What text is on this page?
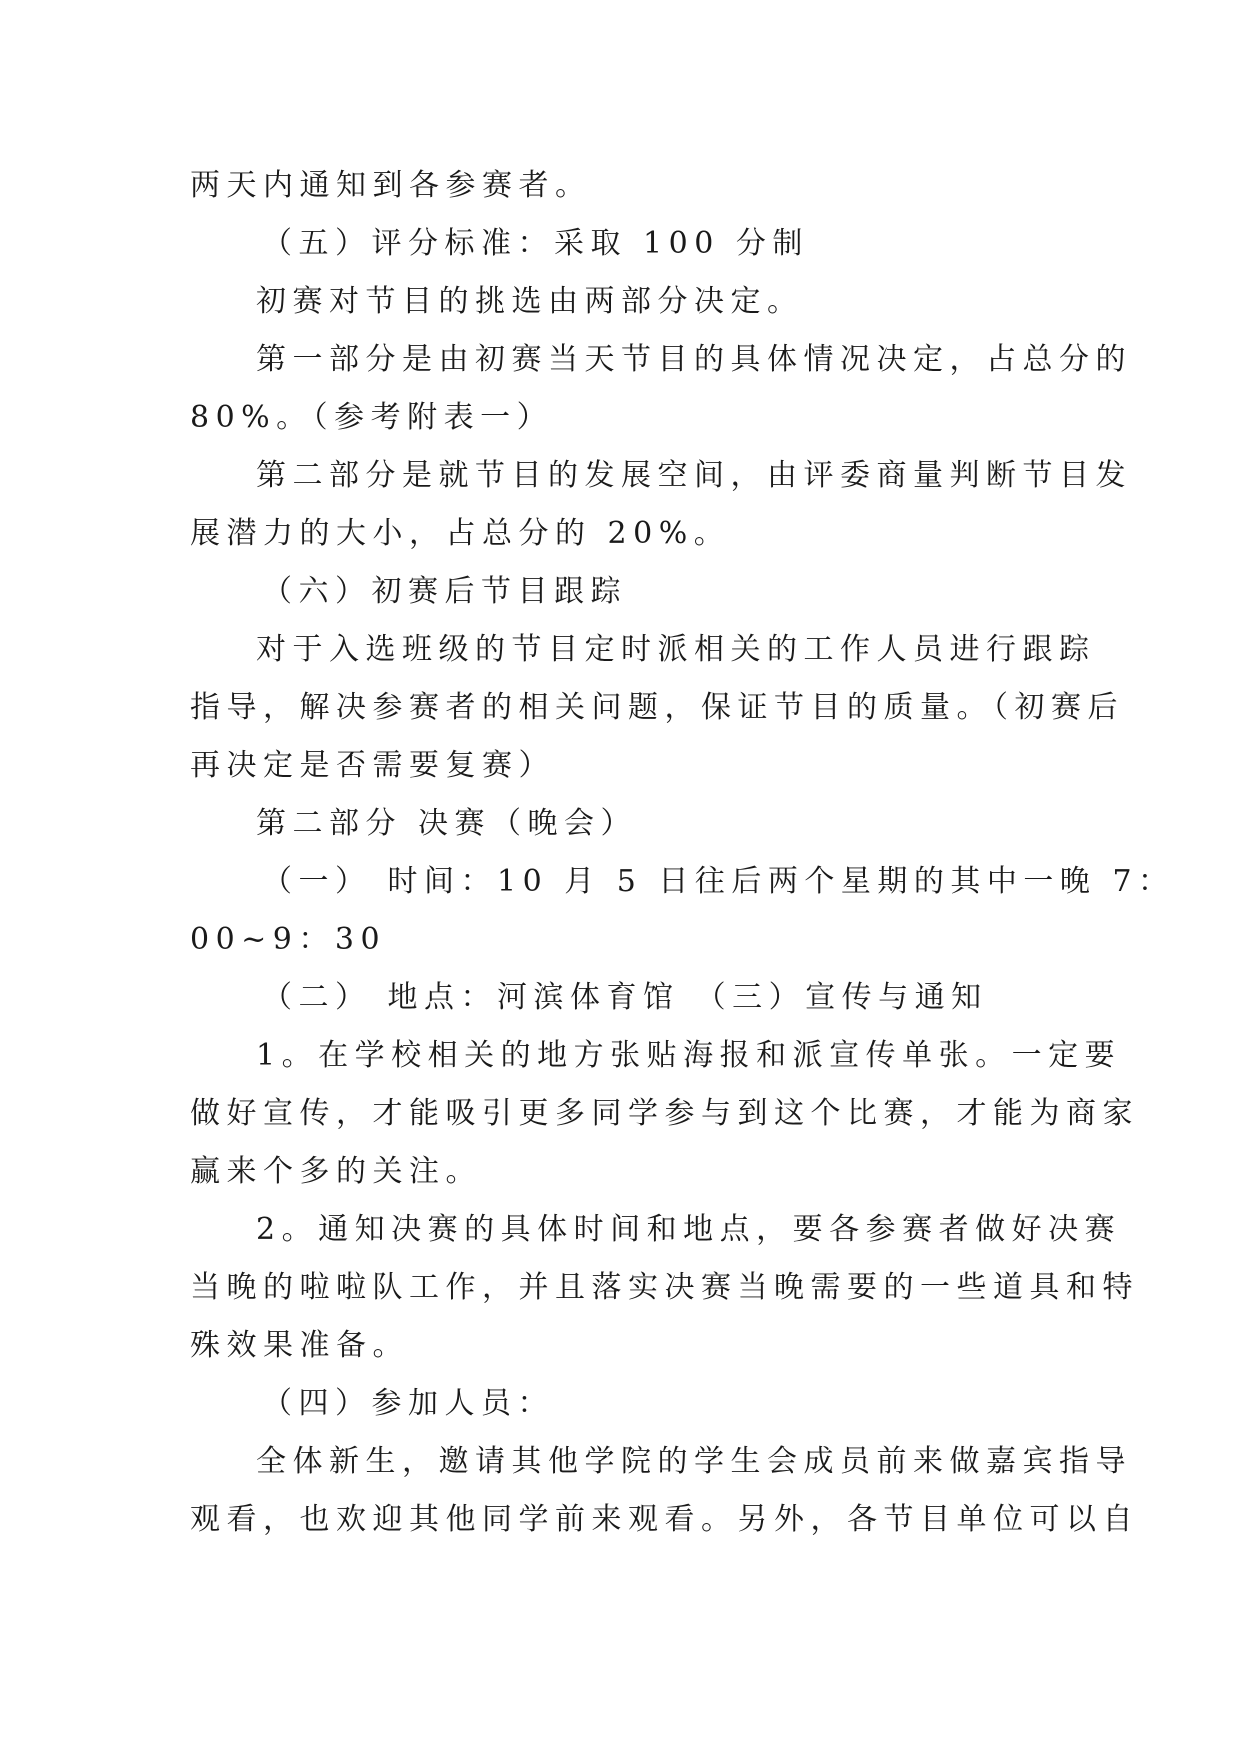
两天内通知到各参赛者。
（五）评分标准：采取 100 分制
初赛对节目的挑选由两部分决定。
第一部分是由初赛当天节目的具体情况决定，占总分的
80%。（参考附表一）
第二部分是就节目的发展空间，由评委商量判断节目发
展潜力的大小，占总分的 20%。
（六）初赛后节目跟踪
对于入选班级的节目定时派相关的工作人员进行跟踪
指导，解决参赛者的相关问题，保证节目的质量。（初赛后
再决定是否需要复赛）
第二部分 决赛（晚会）
（一） 时间：10 月 5 日往后两个星期的其中一晚 7：
00~9：30
（二） 地点：河滨体育馆 （三）宣传与通知
1。在学校相关的地方张贴海报和派宣传单张。一定要
做好宣传，才能吸引更多同学参与到这个比赛，才能为商家
赢来个多的关注。
2。通知决赛的具体时间和地点，要各参赛者做好决赛
当晚的啦啦队工作，并且落实决赛当晚需要的一些道具和特
殊效果准备。
（四）参加人员：
全体新生，邀请其他学院的学生会成员前来做嘉宾指导
观看，也欢迎其他同学前来观看。另外，各节目单位可以自
